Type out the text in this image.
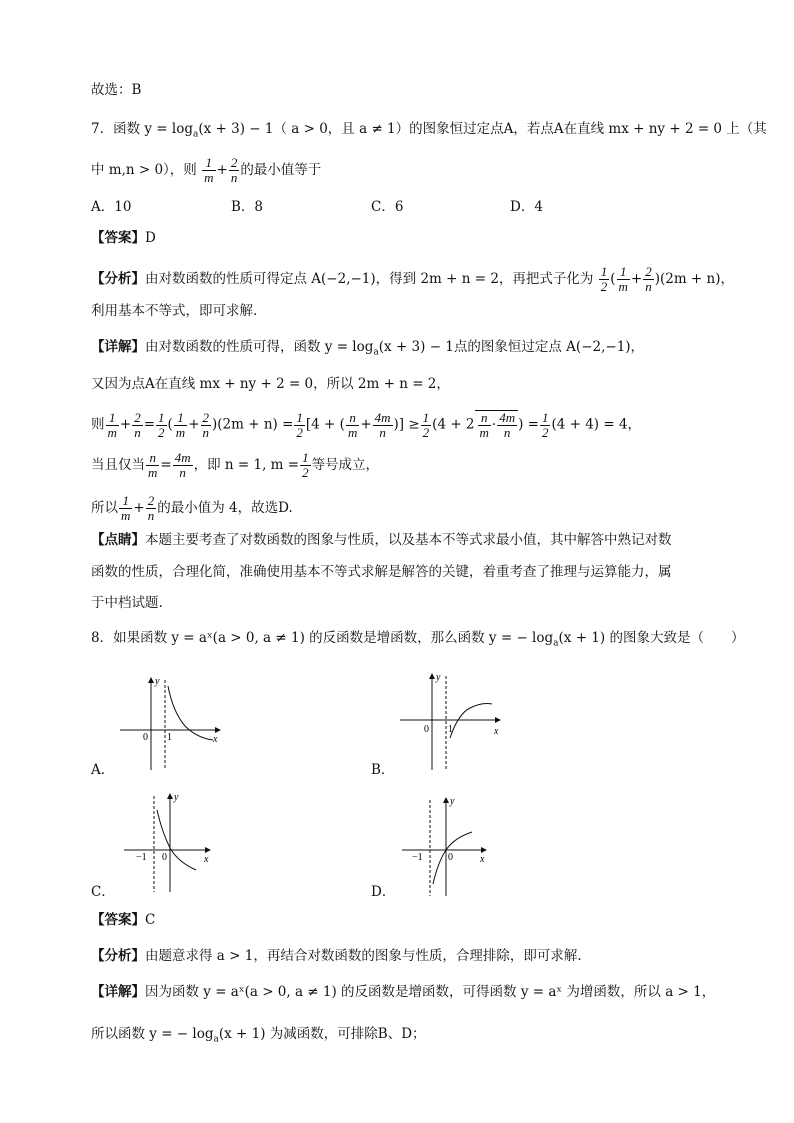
故选：B
7．函数 $y = \log_a(x + 3) - 1$（ a > 0，且 a ≠ 1）的图象恒过定点A，若点A在直线 mx + ny + 2 = 0 上（其
中 m,n > 0），则 $\frac{1}{m} + \frac{2}{n}$ 的最小值等于
A．10	B．8	C．6	D．4
【答案】D
【分析】由对数函数的性质可得定点 A(−2,−1)，得到 2m + n = 2，再把式子化为 $\frac{1}{2}$ ( $\frac{1}{m} + \frac{2}{n} )(2m + n)$，
利用基本不等式，即可求解.
【详解】由对数函数的性质可得，函数 $y = \log_a(x + 3) - 1$点的图象恒过定点 A(−2,−1)，
又因为点A在直线 mx + ny + 2 = 0，所以 2m + n = 2，
则 $\frac{1}{m} + \frac{2}{n} = \frac{1}{2}$ ( $\frac{1}{m} + \frac{2}{n} )(2m + n) = \frac{1}{2} [4$ + ( $\frac{n}{m} + \frac{4m}{n}$ )] ≥ $\frac{1}{2} (4 + 2 \frac{n}{m} \cdot \frac{4m}{n}$ ) = $\frac{1}{2} (4 + 4) = 4$，
当且仅当 $\frac{n}{m} = \frac{4m}{n}$ ，即 n = 1, $m = \frac{1}{2}$ 等号成立，
所以 $\frac{1}{m} + \frac{2}{n}$ 的最小值为 4，故选D.
【点睛】本题主要考查了对数函数的图象与性质，以及基本不等式求最小值，其中解答中熟记对数
函数的性质，合理化简，准确使用基本不等式求解是解答的关键，着重考查了推理与运算能力，属
于中档试题.
8．如果函数 y = aˣ(a > 0, a ≠ 1) 的反函数是增函数，那么函数 y = − $\log_a(x + 1)$ 的图象大致是（　　）
0 1	x
y
A．
0 1	x
y
B．
−1 0	x
y
C．
−1	0	x
y
D．
【答案】C
【分析】由题意求得 a > 1，再结合对数函数的图象与性质，合理排除，即可求解.
【详解】因为函数 y = aˣ(a > 0, a ≠ 1) 的反函数是增函数，可得函数 y = aˣ 为增函数，所以 a > 1，
所以函数 y = − $\log_a(x + 1)$ 为减函数，可排除B、D；
